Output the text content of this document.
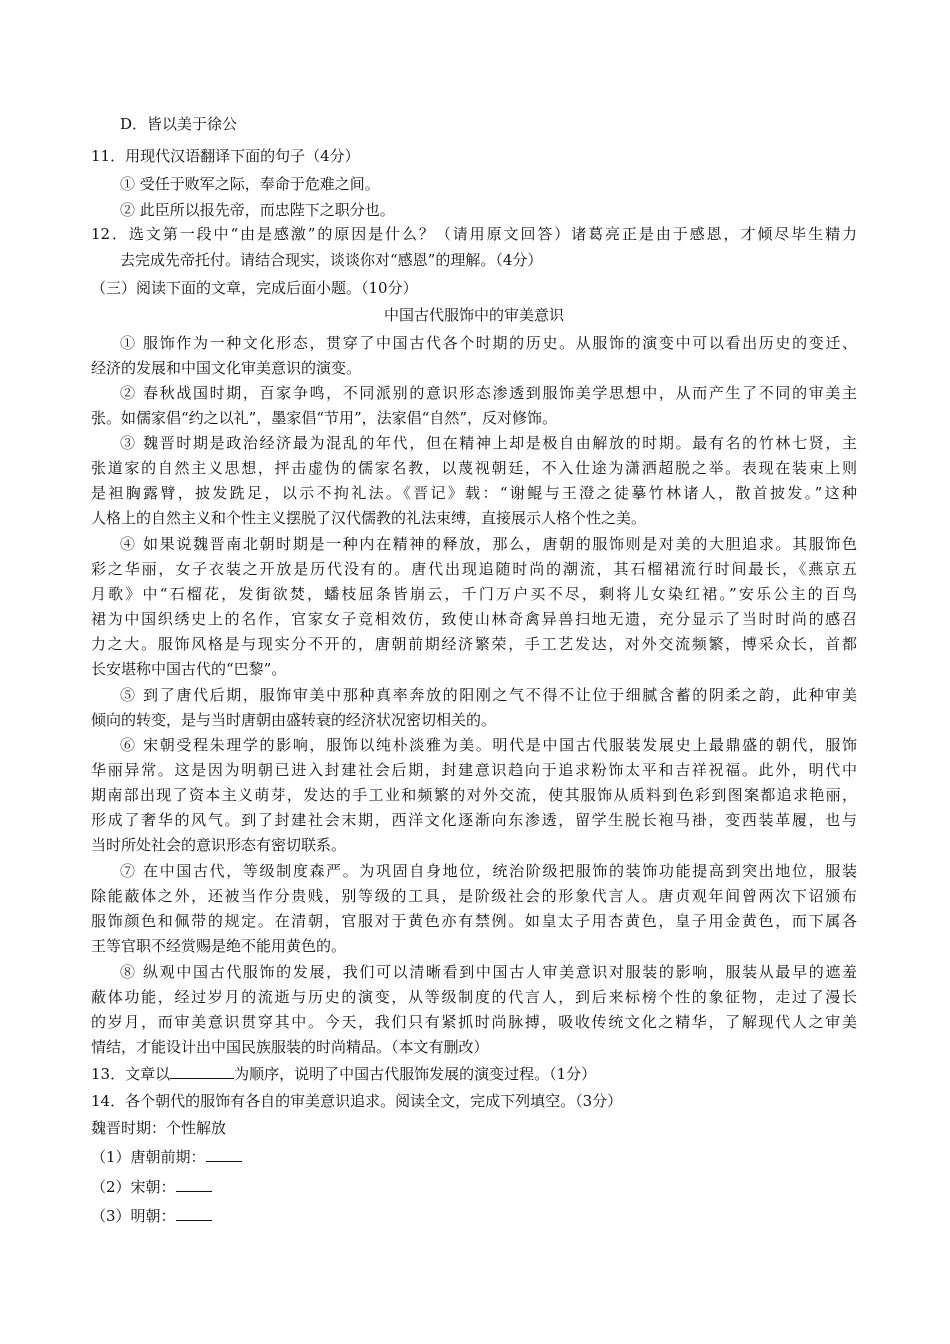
D．皆以美于徐公
11．用现代汉语翻译下面的句子（4分）
① 受任于败军之际，奉命于危难之间。
② 此臣所以报先帝，而忠陛下之职分也。
12．选文第一段中“由是感激”的原因是什么？（请用原文回答）诸葛亮正是由于感恩，才倾尽毕生精力
去完成先帝托付。请结合现实，谈谈你对“感恩”的理解。（4分）
（三）阅读下面的文章，完成后面小题。（10分）
中国古代服饰中的审美意识
① 服饰作为一种文化形态，贯穿了中国古代各个时期的历史。从服饰的演变中可以看出历史的变迁、
经济的发展和中国文化审美意识的演变。
② 春秋战国时期，百家争鸣，不同派别的意识形态渗透到服饰美学思想中，从而产生了不同的审美主
张。如儒家倡“约之以礼”，墨家倡“节用”，法家倡“自然”，反对修饰。
③ 魏晋时期是政治经济最为混乱的年代，但在精神上却是极自由解放的时期。最有名的竹林七贤，主
张道家的自然主义思想，抨击虚伪的儒家名教，以蔑视朝廷，不入仕途为潇洒超脱之举。表现在装束上则
是袒胸露臂，披发跣足，以示不拘礼法。《晋记》载：“谢鲲与王澄之徒摹竹林诸人，散首披发。”这种
人格上的自然主义和个性主义摆脱了汉代儒教的礼法束缚，直接展示人格个性之美。
④ 如果说魏晋南北朝时期是一种内在精神的释放，那么，唐朝的服饰则是对美的大胆追求。其服饰色
彩之华丽，女子衣装之开放是历代没有的。唐代出现追随时尚的潮流，其石榴裙流行时间最长，《燕京五
月歌》中“石榴花，发街欲焚，蟠枝屈条皆崩云，千门万户买不尽，剩将儿女染红裙。”安乐公主的百鸟
裙为中国织绣史上的名作，官家女子竞相效仿，致使山林奇禽异兽扫地无遗，充分显示了当时时尚的感召
力之大。服饰风格是与现实分不开的，唐朝前期经济繁荣，手工艺发达，对外交流频繁，博采众长，首都
长安堪称中国古代的“巴黎”。
⑤ 到了唐代后期，服饰审美中那种真率奔放的阳刚之气不得不让位于细腻含蓄的阴柔之韵，此种审美
倾向的转变，是与当时唐朝由盛转衰的经济状况密切相关的。
⑥ 宋朝受程朱理学的影响，服饰以纯朴淡雅为美。明代是中国古代服装发展史上最鼎盛的朝代，服饰
华丽异常。这是因为明朝已进入封建社会后期，封建意识趋向于追求粉饰太平和吉祥祝福。此外，明代中
期南部出现了资本主义萌芽，发达的手工业和频繁的对外交流，使其服饰从质料到色彩到图案都追求艳丽，
形成了奢华的风气。到了封建社会末期，西洋文化逐渐向东渗透，留学生脱长袍马褂，变西装革履，也与
当时所处社会的意识形态有密切联系。
⑦ 在中国古代，等级制度森严。为巩固自身地位，统治阶级把服饰的装饰功能提高到突出地位，服装
除能蔽体之外，还被当作分贵贱，别等级的工具，是阶级社会的形象代言人。唐贞观年间曾两次下诏颁布
服饰颜色和佩带的规定。在清朝，官服对于黄色亦有禁例。如皇太子用杏黄色，皇子用金黄色，而下属各
王等官职不经赏赐是绝不能用黄色的。
⑧ 纵观中国古代服饰的发展，我们可以清晰看到中国古人审美意识对服装的影响，服装从最早的遮羞
蔽体功能，经过岁月的流逝与历史的演变，从等级制度的代言人，到后来标榜个性的象征物，走过了漫长
的岁月，而审美意识贯穿其中。今天，我们只有紧抓时尚脉搏，吸收传统文化之精华，了解现代人之审美
情结，才能设计出中国民族服装的时尚精品。（本文有删改）
13．文章以	为顺序，说明了中国古代服饰发展的演变过程。（1分）
14．各个朝代的服饰有各自的审美意识追求。阅读全文，完成下列填空。（3分）
魏晋时期：个性解放
（1）唐朝前期：
（2）宋朝：
（3）明朝：
